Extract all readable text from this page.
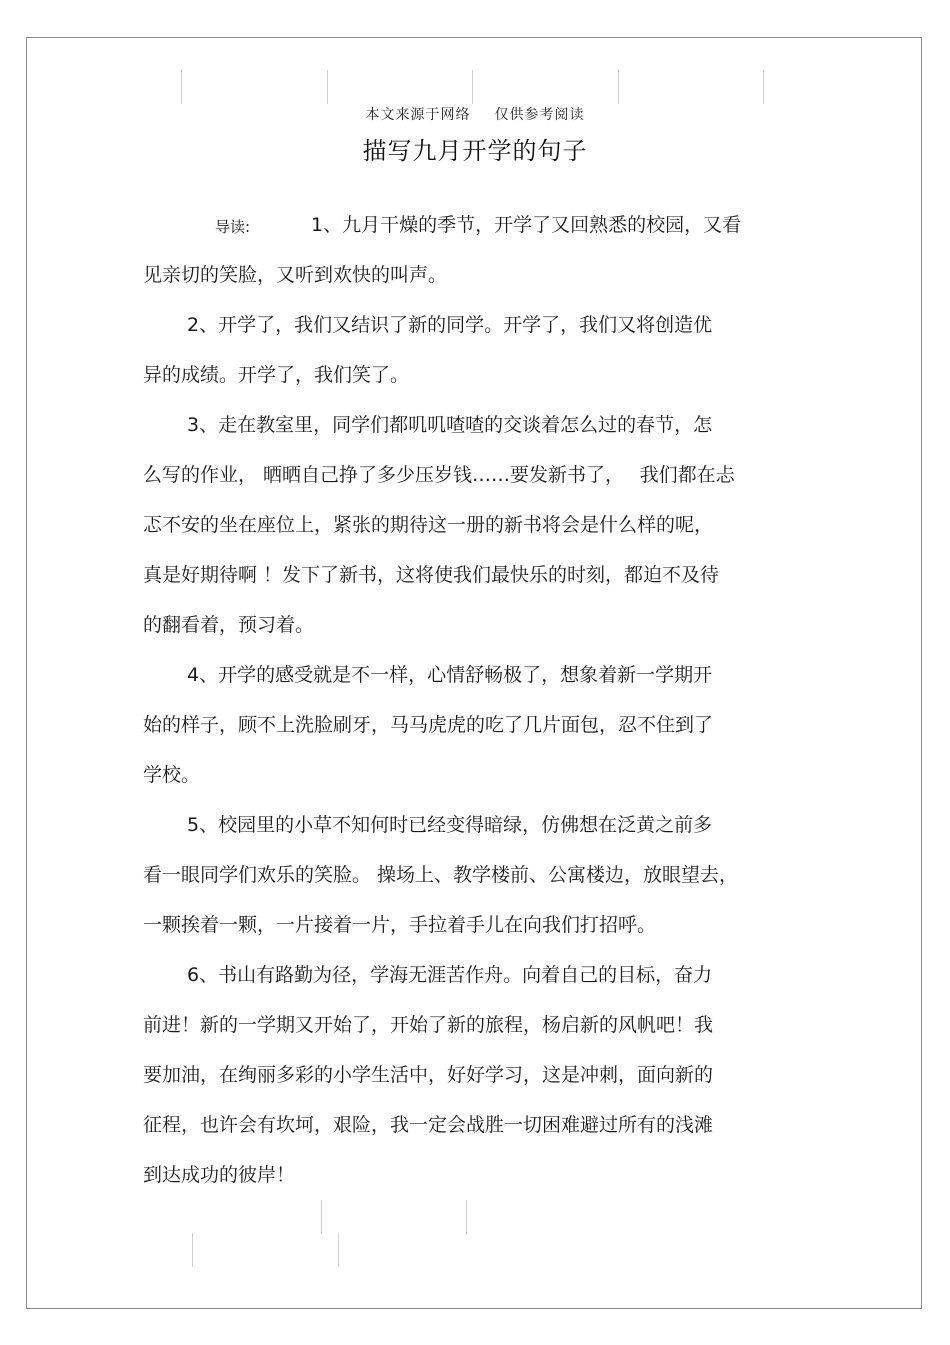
本文来源于网络 仅供参考阅读
描写九月开学的句子
导读:	1、九月干燥的季节，开学了又回熟悉的校园，又看
见亲切的笑脸，又听到欢快的叫声。
2、开学了，我们又结识了新的同学。开学了，我们又将创造优
异的成绩。开学了，我们笑了。
3、走在教室里，同学们都叽叽喳喳的交谈着怎么过的春节，怎
么写的作业， 晒晒自己挣了多少压岁钱……要发新书了，　 我们都在忐
忑不安的坐在座位上，紧张的期待这一册的新书将会是什么样的呢，
真是好期待啊 ！发下了新书，这将使我们最快乐的时刻，都迫不及待
的翻看着，预习着。
4、开学的感受就是不一样，心情舒畅极了，想象着新一学期开
始的样子，顾不上洗脸刷牙，马马虎虎的吃了几片面包，忍不住到了
学校。
5、校园里的小草不知何时已经变得暗绿，仿佛想在泛黄之前多
看一眼同学们欢乐的笑脸。 操场上、教学楼前、公寓楼边，放眼望去，
一颗挨着一颗，一片接着一片，手拉着手儿在向我们打招呼。
6、书山有路勤为径，学海无涯苦作舟。向着自己的目标，奋力
前进！新的一学期又开始了，开始了新的旅程，杨启新的风帆吧！我
要加油，在绚丽多彩的小学生活中，好好学习，这是冲刺，面向新的
征程，也许会有坎坷，艰险，我一定会战胜一切困难避过所有的浅滩
到达成功的彼岸！
